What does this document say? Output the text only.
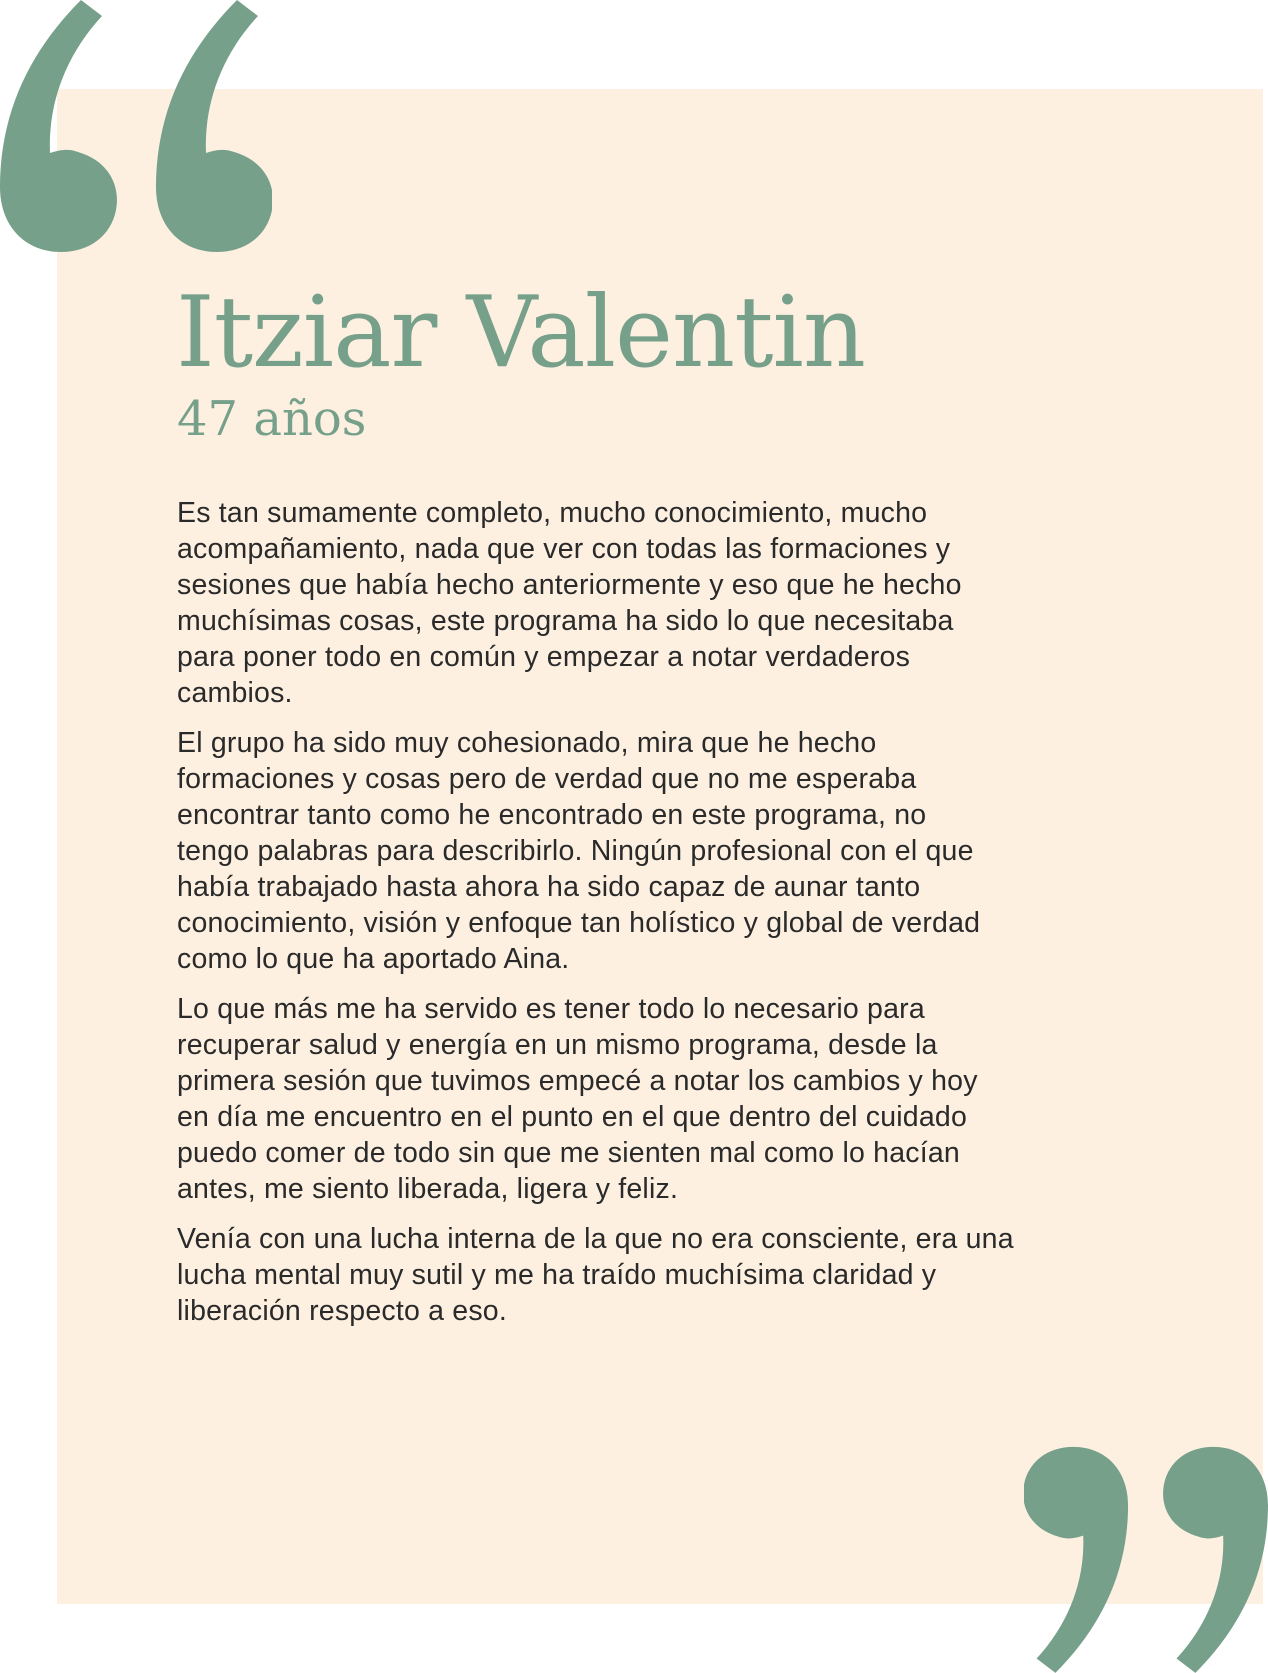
Itziar Valentin
47 años

Es tan sumamente completo, mucho conocimiento, mucho
acompañamiento, nada que ver con todas las formaciones y
sesiones que había hecho anteriormente y eso que he hecho
muchísimas cosas, este programa ha sido lo que necesitaba
para poner todo en común y empezar a notar verdaderos
cambios.

El grupo ha sido muy cohesionado, mira que he hecho
formaciones y cosas pero de verdad que no me esperaba
encontrar tanto como he encontrado en este programa, no
tengo palabras para describirlo. Ningún profesional con el que
había trabajado hasta ahora ha sido capaz de aunar tanto
conocimiento, visión y enfoque tan holístico y global de verdad
como lo que ha aportado Aina.

Lo que más me ha servido es tener todo lo necesario para
recuperar salud y energía en un mismo programa, desde la
primera sesión que tuvimos empecé a notar los cambios y hoy
en día me encuentro en el punto en el que dentro del cuidado
puedo comer de todo sin que me sienten mal como lo hacían
antes, me siento liberada, ligera y feliz.

Venía con una lucha interna de la que no era consciente, era una
lucha mental muy sutil y me ha traído muchísima claridad y
liberación respecto a eso.
